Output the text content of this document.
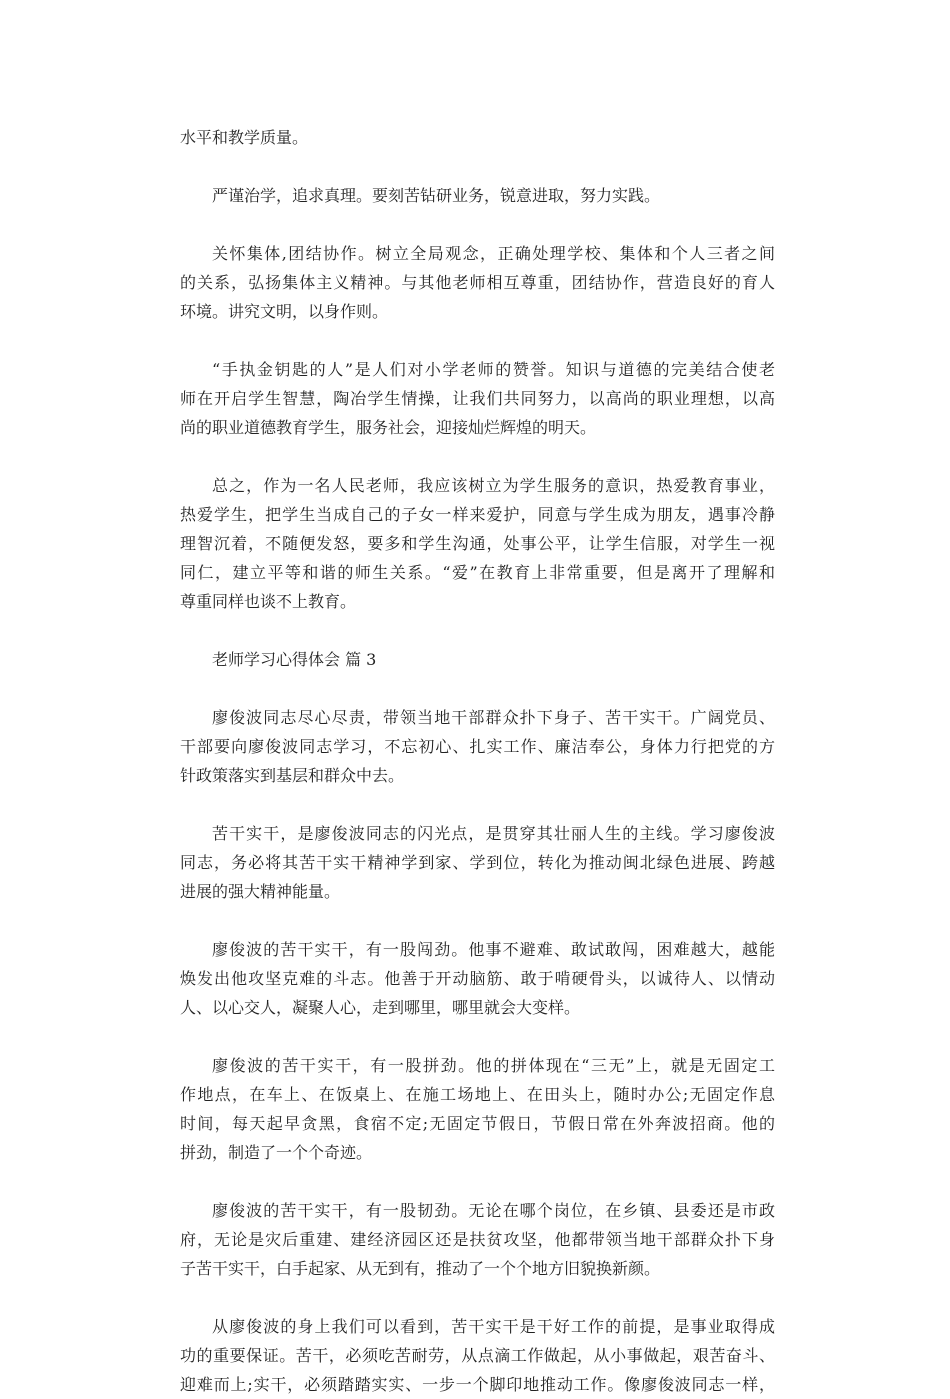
水平和教学质量。
严谨治学，追求真理。要刻苦钻研业务，锐意进取，努力实践。
关怀集体,团结协作。树立全局观念，正确处理学校、集体和个人三者之间
的关系，弘扬集体主义精神。与其他老师相互尊重，团结协作，营造良好的育人
环境。讲究文明，以身作则。
“手执金钥匙的人”是人们对小学老师的赞誉。知识与道德的完美结合使老
师在开启学生智慧，陶冶学生情操，让我们共同努力，以高尚的职业理想，以高
尚的职业道德教育学生，服务社会，迎接灿烂辉煌的明天。
总之，作为一名人民老师，我应该树立为学生服务的意识，热爱教育事业，
热爱学生，把学生当成自己的子女一样来爱护，同意与学生成为朋友，遇事冷静
理智沉着，不随便发怒，要多和学生沟通，处事公平，让学生信服，对学生一视
同仁，建立平等和谐的师生关系。“爱”在教育上非常重要，但是离开了理解和
尊重同样也谈不上教育。
老师学习心得体会 篇 3
廖俊波同志尽心尽责，带领当地干部群众扑下身子、苦干实干。广阔党员、
干部要向廖俊波同志学习，不忘初心、扎实工作、廉洁奉公，身体力行把党的方
针政策落实到基层和群众中去。
苦干实干，是廖俊波同志的闪光点，是贯穿其壮丽人生的主线。学习廖俊波
同志，务必将其苦干实干精神学到家、学到位，转化为推动闽北绿色进展、跨越
进展的强大精神能量。
廖俊波的苦干实干，有一股闯劲。他事不避难、敢试敢闯，困难越大，越能
焕发出他攻坚克难的斗志。他善于开动脑筋、敢于啃硬骨头，以诚待人、以情动
人、以心交人，凝聚人心，走到哪里，哪里就会大变样。
廖俊波的苦干实干，有一股拼劲。他的拼体现在“三无”上，就是无固定工
作地点，在车上、在饭桌上、在施工场地上、在田头上，随时办公;无固定作息
时间，每天起早贪黑，食宿不定;无固定节假日，节假日常在外奔波招商。他的
拼劲，制造了一个个奇迹。
廖俊波的苦干实干，有一股韧劲。无论在哪个岗位，在乡镇、县委还是市政
府，无论是灾后重建、建经济园区还是扶贫攻坚，他都带领当地干部群众扑下身
子苦干实干，白手起家、从无到有，推动了一个个地方旧貌换新颜。
从廖俊波的身上我们可以看到，苦干实干是干好工作的前提，是事业取得成
功的重要保证。苦干，必须吃苦耐劳，从点滴工作做起，从小事做起，艰苦奋斗、
迎难而上;实干，必须踏踏实实、一步一个脚印地推动工作。像廖俊波同志一样，
